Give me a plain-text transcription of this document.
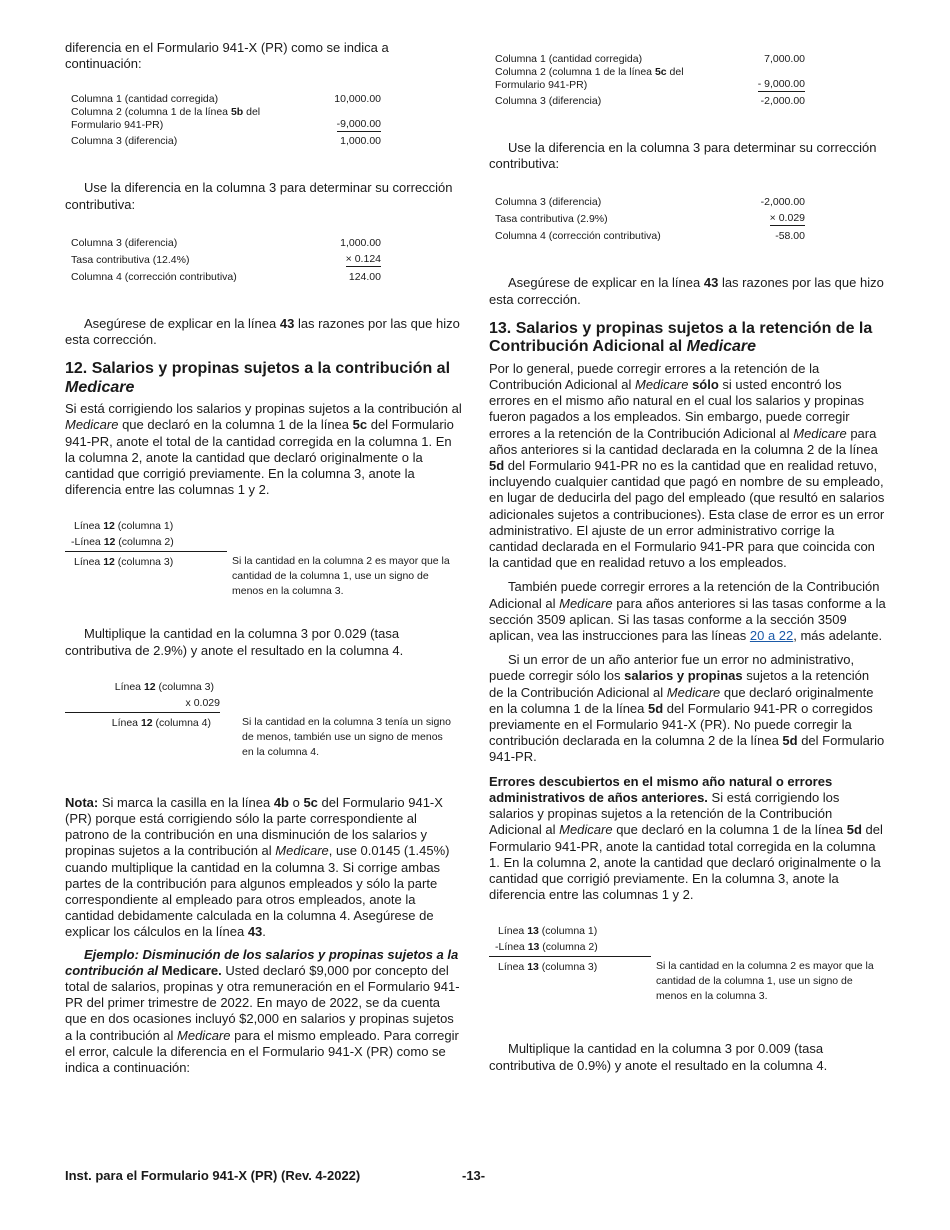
diferencia en el Formulario 941-X (PR) como se indica a continuación:

Columna 1 (cantidad corregida)	10,000.00
Columna 2 (columna 1 de la línea 5b del
Formulario 941-PR)	-9,000.00
Columna 3 (diferencia)	1,000.00

Use la diferencia en la columna 3 para determinar su corrección contributiva:

Columna 3 (diferencia)	1,000.00
Tasa contributiva (12.4%)	× 0.124
Columna 4 (corrección contributiva)	124.00

Asegúrese de explicar en la línea 43 las razones por las que hizo esta corrección.

12. Salarios y propinas sujetos a la contribución al Medicare

Si está corrigiendo los salarios y propinas sujetos a la contribución al Medicare que declaró en la columna 1 de la línea 5c del Formulario 941-PR, anote el total de la cantidad corregida en la columna 1. En la columna 2, anote la cantidad que declaró originalmente o la cantidad que corrigió previamente. En la columna 3, anote la diferencia entre las columnas 1 y 2.

Línea 12 (columna 1)
-Línea 12 (columna 2)
Línea 12 (columna 3)	Si la cantidad en la columna 2 es mayor que la cantidad de la columna 1, use un signo de menos en la columna 3.

Multiplique la cantidad en la columna 3 por 0.029 (tasa contributiva de 2.9%) y anote el resultado en la columna 4.

Línea 12 (columna 3)
x 0.029
Línea 12 (columna 4)	Si la cantidad en la columna 3 tenía un signo de menos, también use un signo de menos en la columna 4.

Nota: Si marca la casilla en la línea 4b o 5c del Formulario 941-X (PR) porque está corrigiendo sólo la parte correspondiente al patrono de la contribución en una disminución de los salarios y propinas sujetos a la contribución al Medicare, use 0.0145 (1.45%) cuando multiplique la cantidad en la columna 3. Si corrige ambas partes de la contribución para algunos empleados y sólo la parte correspondiente al empleado para otros empleados, anote la cantidad debidamente calculada en la columna 4. Asegúrese de explicar los cálculos en la línea 43.

Ejemplo: Disminución de los salarios y propinas sujetos a la contribución al Medicare. Usted declaró $9,000 por concepto del total de salarios, propinas y otra remuneración en el Formulario 941-PR del primer trimestre de 2022. En mayo de 2022, se da cuenta que en dos ocasiones incluyó $2,000 en salarios y propinas sujetos a la contribución al Medicare para el mismo empleado. Para corregir el error, calcule la diferencia en el Formulario 941-X (PR) como se indica a continuación:

Columna 1 (cantidad corregida)	7,000.00
Columna 2 (columna 1 de la línea 5c del
Formulario 941-PR)	- 9,000.00
Columna 3 (diferencia)	-2,000.00

Use la diferencia en la columna 3 para determinar su corrección contributiva:

Columna 3 (diferencia)	-2,000.00
Tasa contributiva (2.9%)	× 0.029
Columna 4 (corrección contributiva)	-58.00

Asegúrese de explicar en la línea 43 las razones por las que hizo esta corrección.

13. Salarios y propinas sujetos a la retención de la Contribución Adicional al Medicare

Por lo general, puede corregir errores a la retención de la Contribución Adicional al Medicare sólo si usted encontró los errores en el mismo año natural en el cual los salarios y propinas fueron pagados a los empleados. Sin embargo, puede corregir errores a la retención de la Contribución Adicional al Medicare para años anteriores si la cantidad declarada en la columna 2 de la línea 5d del Formulario 941-PR no es la cantidad que en realidad retuvo, incluyendo cualquier cantidad que pagó en nombre de su empleado, en lugar de deducirla del pago del empleado (que resultó en salarios adicionales sujetos a contribuciones). Esta clase de error es un error administrativo. El ajuste de un error administrativo corrige la cantidad declarada en el Formulario 941-PR para que coincida con la cantidad que en realidad retuvo a los empleados.

También puede corregir errores a la retención de la Contribución Adicional al Medicare para años anteriores si las tasas conforme a la sección 3509 aplican. Si las tasas conforme a la sección 3509 aplican, vea las instrucciones para las líneas 20 a 22, más adelante.

Si un error de un año anterior fue un error no administrativo, puede corregir sólo los salarios y propinas sujetos a la retención de la Contribución Adicional al Medicare que declaró originalmente en la columna 1 de la línea 5d del Formulario 941-PR o corregidos previamente en el Formulario 941-X (PR). No puede corregir la contribución declarada en la columna 2 de la línea 5d del Formulario 941-PR.

Errores descubiertos en el mismo año natural o errores administrativos de años anteriores. Si está corrigiendo los salarios y propinas sujetos a la retención de la Contribución Adicional al Medicare que declaró en la columna 1 de la línea 5d del Formulario 941-PR, anote la cantidad total corregida en la columna 1. En la columna 2, anote la cantidad que declaró originalmente o la cantidad que corrigió previamente. En la columna 3, anote la diferencia entre las columnas 1 y 2.

Línea 13 (columna 1)
-Línea 13 (columna 2)
Línea 13 (columna 3)	Si la cantidad en la columna 2 es mayor que la cantidad de la columna 1, use un signo de menos en la columna 3.

Multiplique la cantidad en la columna 3 por 0.009 (tasa contributiva de 0.9%) y anote el resultado en la columna 4.

Inst. para el Formulario 941-X (PR) (Rev. 4-2022)	-13-
